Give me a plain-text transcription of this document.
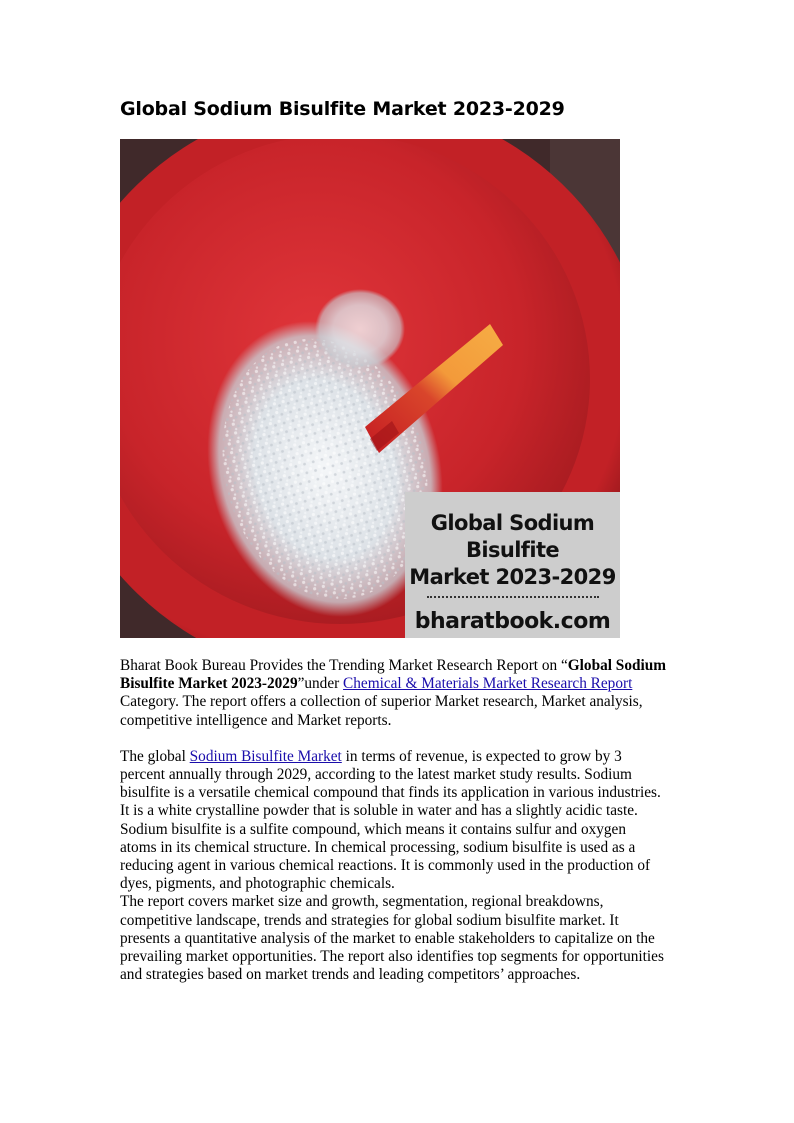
Global Sodium Bisulfite Market 2023-2029
Global Sodium Bisulfite
Market 2023-2029
bharatbook.com

Bharat Book Bureau Provides the Trending Market Research Report on “Global Sodium Bisulfite Market 2023-2029”under Chemical & Materials Market Research Report Category. The report offers a collection of superior Market research, Market analysis, competitive intelligence and Market reports.

The global Sodium Bisulfite Market in terms of revenue, is expected to grow by 3 percent annually through 2029, according to the latest market study results. Sodium bisulfite is a versatile chemical compound that finds its application in various industries. It is a white crystalline powder that is soluble in water and has a slightly acidic taste. Sodium bisulfite is a sulfite compound, which means it contains sulfur and oxygen atoms in its chemical structure. In chemical processing, sodium bisulfite is used as a reducing agent in various chemical reactions. It is commonly used in the production of dyes, pigments, and photographic chemicals.

The report covers market size and growth, segmentation, regional breakdowns, competitive landscape, trends and strategies for global sodium bisulfite market. It presents a quantitative analysis of the market to enable stakeholders to capitalize on the prevailing market opportunities. The report also identifies top segments for opportunities and strategies based on market trends and leading competitors’ approaches.
